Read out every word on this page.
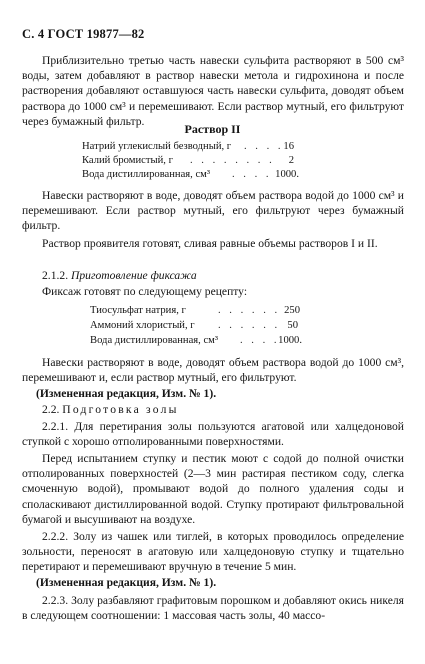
С. 4 ГОСТ 19877—82

Приблизительно третью часть навески сульфита растворяют в 500 см³ воды, затем добавляют в раствор навески метола и гидрохинона и после растворения добавляют оставшуюся часть навески сульфита, доводят объем раствора до 1000 см³ и перемешивают. Если раствор мутный, его фильтруют через бумажный фильтр.

Раствор II
Натрий углекислый безводный, г . . . . 16
Калий бромистый, г . . . . . . . . 2
Вода дистиллированная, см³ . . . . 1000.

Навески растворяют в воде, доводят объем раствора водой до 1000 см³ и перемешивают. Если раствор мутный, его фильтруют через бумажный фильтр.

Раствор проявителя готовят, сливая равные объемы растворов I и II.

2.1.2. Приготовление фиксажа
Фиксаж готовят по следующему рецепту:
Тиосульфат натрия, г	. . . . . . 250
Аммоний хлористый, г . . . . . . 50
Вода дистиллированная, см³ . . . .
1000.

Навески растворяют в воде, доводят объем раствора водой до 1000 см³, перемешивают и, если раствор мутный, его фильтруют.

(Измененная редакция, Изм. № 1).
2.2. Подготовка золы

2.2.1. Для перетирания золы пользуются агатовой или халцедоновой ступкой с хорошо отполированными поверхностями.

Перед испытанием ступку и пестик моют с содой до полной очистки отполированных поверхностей (2—3 мин растирая пестиком соду, слегка смоченную водой), промывают водой до полного удаления соды и споласкивают дистиллированной водой. Ступку протирают фильтровальной бумагой и высушивают на воздухе.

2.2.2. Золу из чашек или тиглей, в которых проводилось определение зольности, переносят в агатовую или халцедоновую ступку и тщательно перетирают и перемешивают вручную в течение 5 мин.

(Измененная редакция, Изм. № 1).

2.2.3. Золу разбавляют графитовым порошком и добавляют окись никеля в следующем соотношении: 1 массовая часть золы, 40 массо-
